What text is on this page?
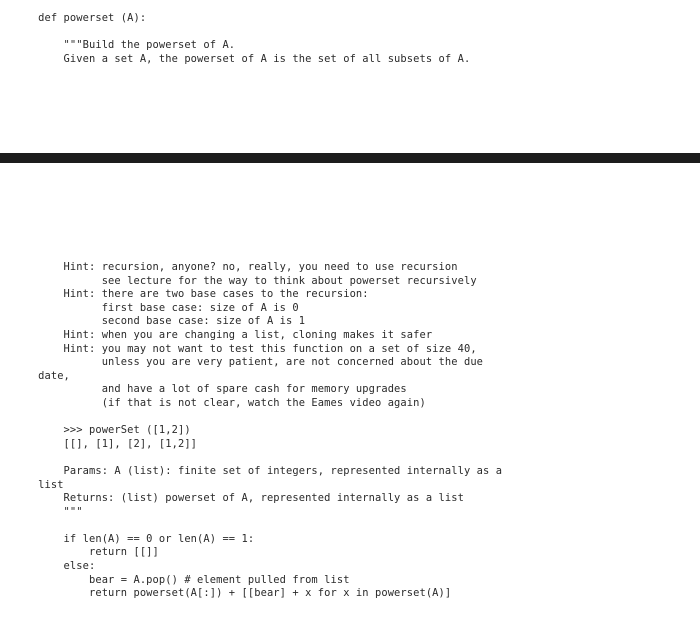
def powerset (A):
"""Build the powerset of A.
Given a set A, the powerset of A is the set of all subsets of A.
Hint: recursion, anyone? no, really, you need to use recursion
see lecture for the way to think about powerset recursively
Hint: there are two base cases to the recursion:
first base case: size of A is 0
second base case: size of A is 1
Hint: when you are changing a list, cloning makes it safer
Hint: you may not want to test this function on a set of size 40,
unless you are very patient, are not concerned about the due
date,
and have a lot of spare cash for memory upgrades
(if that is not clear, watch the Eames video again)
>>> powerSet ([1,2])
[[], [1], [2], [1,2]]
Params: A (list): finite set of integers, represented internally as a
list
Returns: (list) powerset of A, represented internally as a list
"""
if len(A) == 0 or len(A) == 1:
return [[]]
else:
bear = A.pop() # element pulled from list
return powerset(A[:]) + [[bear] + x for x in powerset(A)]
